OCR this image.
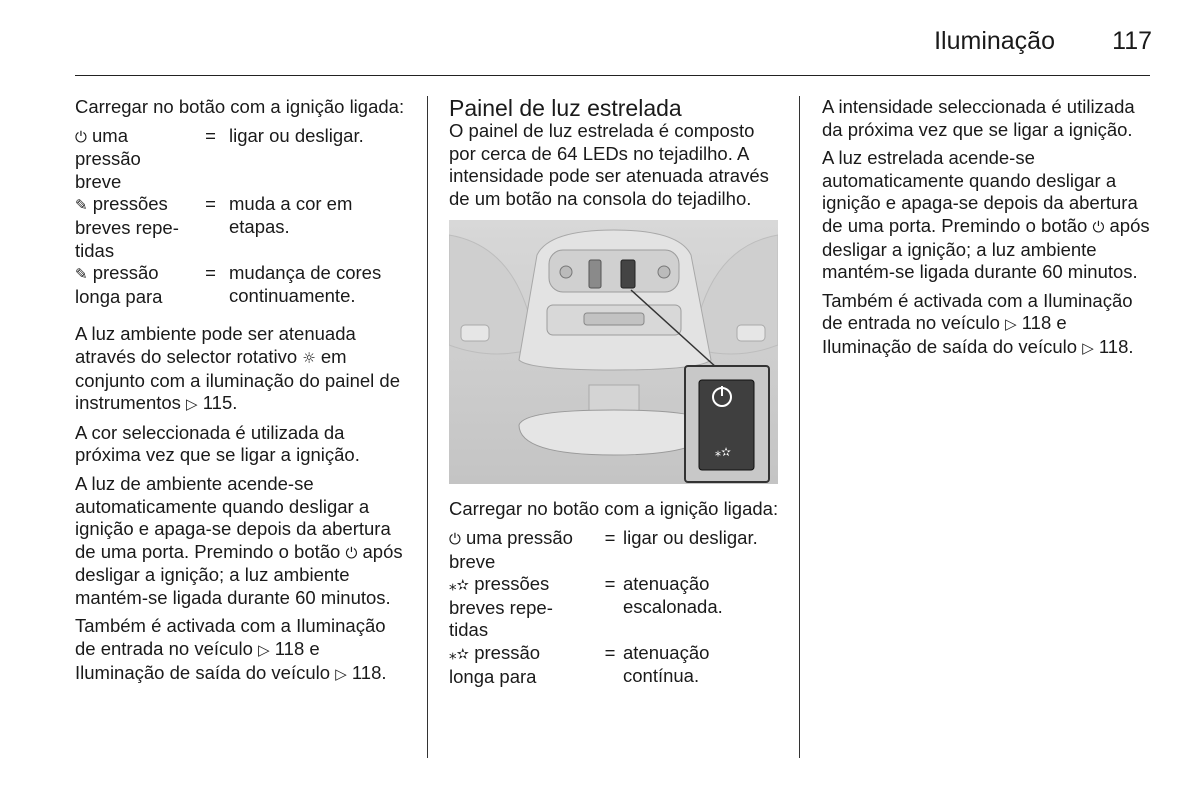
Iluminação 117

Carregar no botão com a ignição ligada:

⏻ uma pressão breve	=	ligar ou desligar.
✎ pressões breves repe-tidas	=	muda a cor em etapas.
✎ pressão longa para	=	mudança de cores continuamente.

A luz ambiente pode ser atenuada através do selector rotativo ☼ em conjunto com a iluminação do painel de instrumentos ▷ 115.

A cor seleccionada é utilizada da próxima vez que se ligar a ignição.

A luz de ambiente acende-se automaticamente quando desligar a ignição e apaga-se depois da abertura de uma porta. Premindo o botão ⏻ após desligar a ignição; a luz ambiente mantém-se ligada durante 60 minutos.

Também é activada com a Iluminação de entrada no veículo ▷ 118 e Iluminação de saída do veículo ▷ 118.

Painel de luz estrelada

O painel de luz estrelada é composto por cerca de 64 LEDs no tejadilho. A intensidade pode ser atenuada através de um botão na consola do tejadilho.

⁎✫

Carregar no botão com a ignição ligada:

⏻ uma pressão breve	=	ligar ou desligar.
⁎✫ pressões breves repe-tidas	=	atenuação escalonada.
⁎✫ pressão longa para	=	atenuação contínua.

A intensidade seleccionada é utilizada da próxima vez que se ligar a ignição.

A luz estrelada acende-se automaticamente quando desligar a ignição e apaga-se depois da abertura de uma porta. Premindo o botão ⏻ após desligar a ignição; a luz ambiente mantém-se ligada durante 60 minutos.

Também é activada com a Iluminação de entrada no veículo ▷ 118 e Iluminação de saída do veículo ▷ 118.
